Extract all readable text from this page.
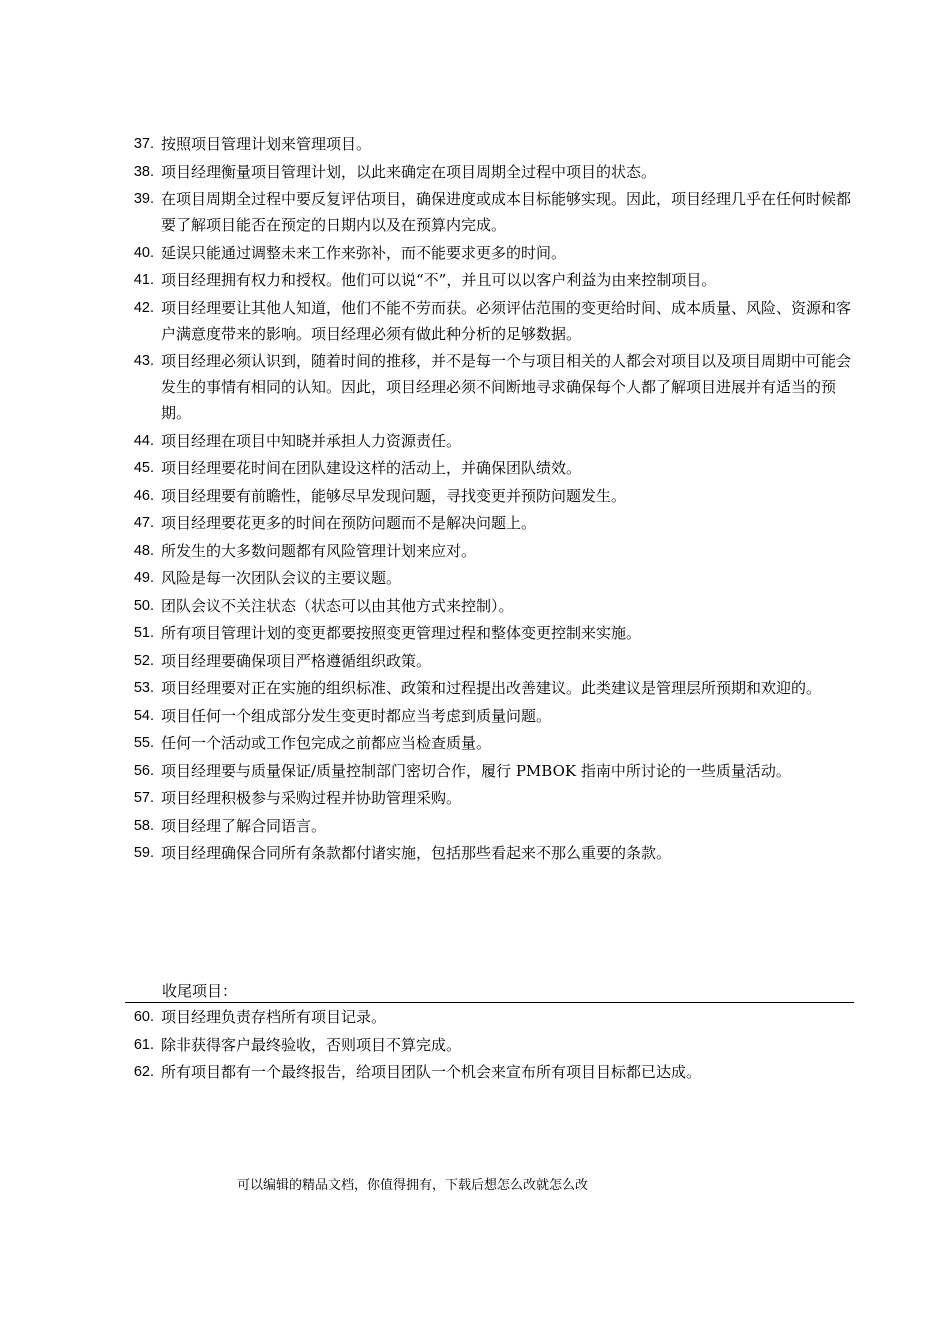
37. 按照项目管理计划来管理项目。
38. 项目经理衡量项目管理计划，以此来确定在项目周期全过程中项目的状态。
39. 在项目周期全过程中要反复评估项目，确保进度或成本目标能够实现。因此，项目经理几乎在任何时候都要了解项目能否在预定的日期内以及在预算内完成。
40. 延误只能通过调整未来工作来弥补，而不能要求更多的时间。
41. 项目经理拥有权力和授权。他们可以说“不”，并且可以以客户利益为由来控制项目。
42. 项目经理要让其他人知道，他们不能不劳而获。必须评估范围的变更给时间、成本质量、风险、资源和客户满意度带来的影响。项目经理必须有做此种分析的足够数据。
43. 项目经理必须认识到，随着时间的推移，并不是每一个与项目相关的人都会对项目以及项目周期中可能会发生的事情有相同的认知。因此，项目经理必须不间断地寻求确保每个人都了解项目进展并有适当的预期。
44. 项目经理在项目中知晓并承担人力资源责任。
45. 项目经理要花时间在团队建设这样的活动上，并确保团队绩效。
46. 项目经理要有前瞻性，能够尽早发现问题，寻找变更并预防问题发生。
47. 项目经理要花更多的时间在预防问题而不是解决问题上。
48. 所发生的大多数问题都有风险管理计划来应对。
49. 风险是每一次团队会议的主要议题。
50. 团队会议不关注状态（状态可以由其他方式来控制）。
51. 所有项目管理计划的变更都要按照变更管理过程和整体变更控制来实施。
52. 项目经理要确保项目严格遵循组织政策。
53. 项目经理要对正在实施的组织标准、政策和过程提出改善建议。此类建议是管理层所预期和欢迎的。
54. 项目任何一个组成部分发生变更时都应当考虑到质量问题。
55. 任何一个活动或工作包完成之前都应当检查质量。
56. 项目经理要与质量保证/质量控制部门密切合作，履行 PMBOK 指南中所讨论的一些质量活动。
57. 项目经理积极参与采购过程并协助管理采购。
58. 项目经理了解合同语言。
59. 项目经理确保合同所有条款都付诸实施，包括那些看起来不那么重要的条款。
收尾项目：
60. 项目经理负责存档所有项目记录。
61. 除非获得客户最终验收，否则项目不算完成。
62. 所有项目都有一个最终报告，给项目团队一个机会来宣布所有项目目标都已达成。
可以编辑的精品文档，你值得拥有，下载后想怎么改就怎么改
